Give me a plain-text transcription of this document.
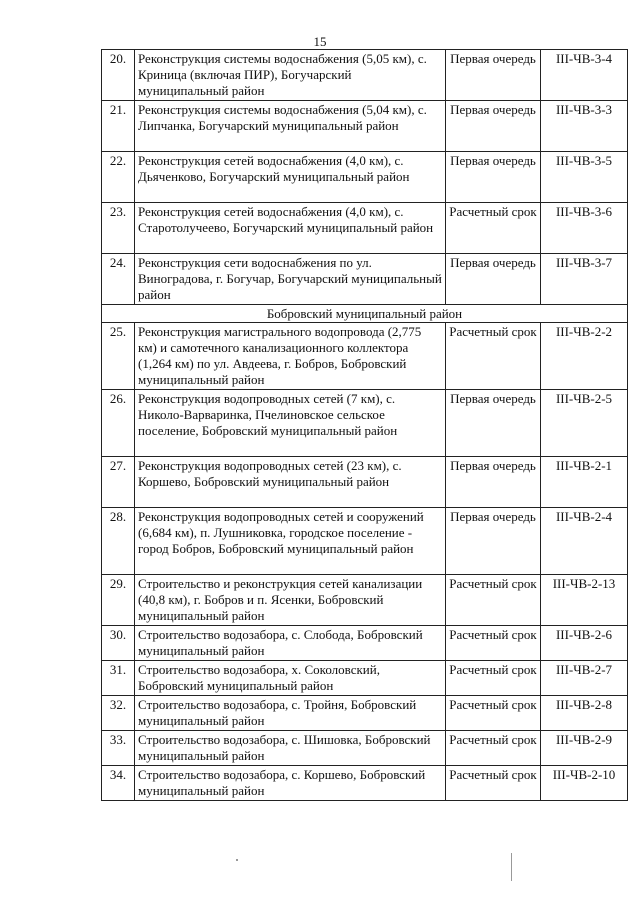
15
20.	Реконструкция системы водоснабжения (5,05 км), с. Криница (включая ПИР), Богучарский муниципальный район	Первая очередь	III-ЧВ-3-4
21.	Реконструкция системы водоснабжения (5,04 км), с. Липчанка, Богучарский муниципальный район	Первая очередь	III-ЧВ-3-3
22.	Реконструкция сетей водоснабжения (4,0 км), с. Дьяченково, Богучарский муниципальный район	Первая очередь	III-ЧВ-3-5
23.	Реконструкция сетей водоснабжения (4,0 км), с. Старотолучеево, Богучарский муниципальный район	Расчетный срок	III-ЧВ-3-6
24.	Реконструкция сети водоснабжения по ул. Виноградова, г. Богучар, Богучарский муниципальный район	Первая очередь	III-ЧВ-3-7
Бобровский муниципальный район			
25.	Реконструкция магистрального водопровода (2,775 км) и самотечного канализационного коллектора (1,264 км) по ул. Авдеева, г. Бобров, Бобровский муниципальный район	Расчетный срок	III-ЧВ-2-2
26.	Реконструкция водопроводных сетей (7 км), с. Николо-Варваринка, Пчелиновское сельское поселение, Бобровский муниципальный район	Первая очередь	III-ЧВ-2-5
27.	Реконструкция водопроводных сетей (23 км), с. Коршево, Бобровский муниципальный район	Первая очередь	III-ЧВ-2-1
28.	Реконструкция водопроводных сетей и сооружений (6,684 км), п. Лушниковка, городское поселение - город Бобров, Бобровский муниципальный район	Первая очередь	III-ЧВ-2-4
29.	Строительство и реконструкция сетей канализации (40,8 км), г. Бобров и п. Ясенки, Бобровский муниципальный район	Расчетный срок	III-ЧВ-2-13
30.	Строительство водозабора, с. Слобода, Бобровский муниципальный район	Расчетный срок	III-ЧВ-2-6
31.	Строительство водозабора, х. Соколовский, Бобровский муниципальный район	Расчетный срок	III-ЧВ-2-7
32.	Строительство водозабора, с. Тройня, Бобровский муниципальный район	Расчетный срок	III-ЧВ-2-8
33.	Строительство водозабора, с. Шишовка, Бобровский муниципальный район	Расчетный срок	III-ЧВ-2-9
34.	Строительство водозабора, с. Коршево, Бобровский муниципальный район	Расчетный срок	III-ЧВ-2-10
